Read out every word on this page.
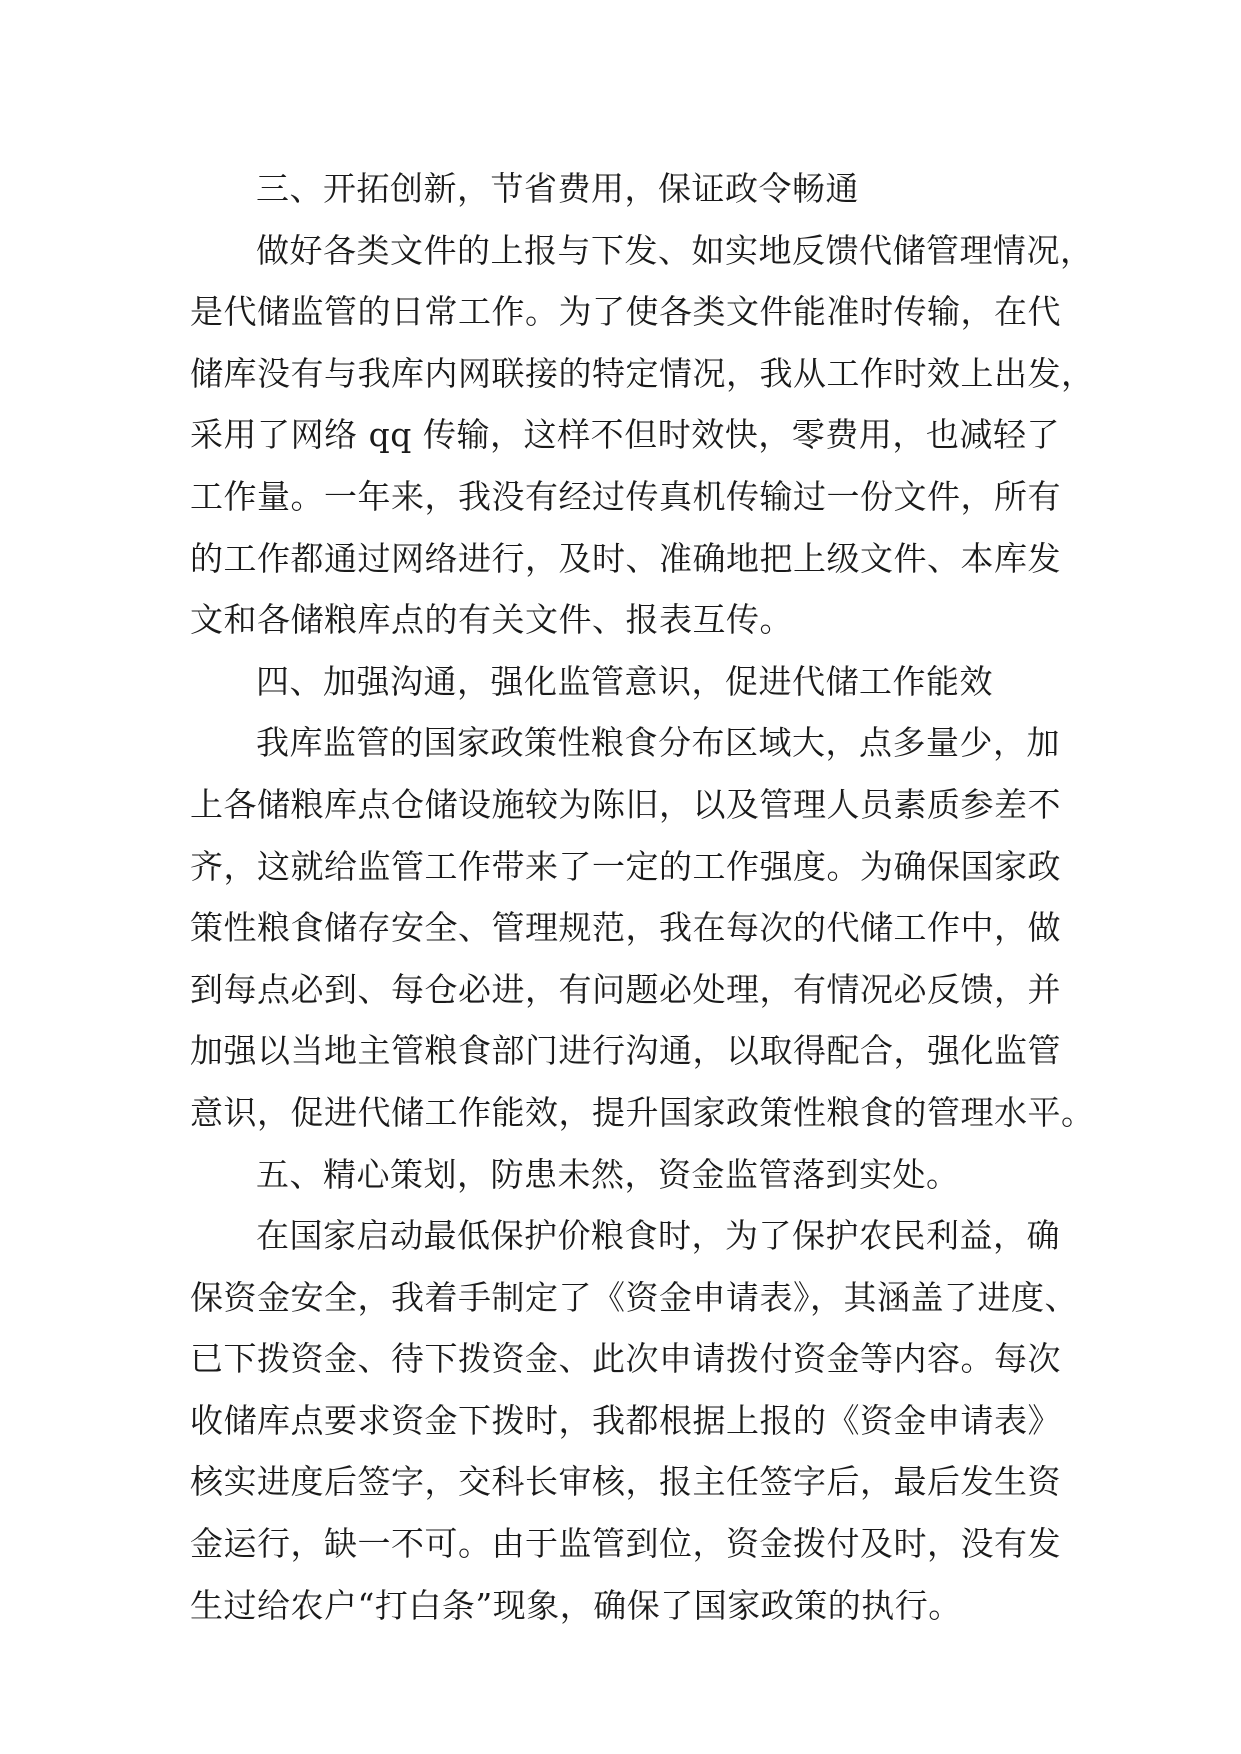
三、开拓创新，节省费用，保证政令畅通
做好各类文件的上报与下发、如实地反馈代储管理情况，
是代储监管的日常工作。为了使各类文件能准时传输，在代
储库没有与我库内网联接的特定情况，我从工作时效上出发，
采用了网络 qq 传输，这样不但时效快，零费用，也减轻了
工作量。一年来，我没有经过传真机传输过一份文件，所有
的工作都通过网络进行，及时、准确地把上级文件、本库发
文和各储粮库点的有关文件、报表互传。
四、加强沟通，强化监管意识，促进代储工作能效
我库监管的国家政策性粮食分布区域大，点多量少，加
上各储粮库点仓储设施较为陈旧，以及管理人员素质参差不
齐，这就给监管工作带来了一定的工作强度。为确保国家政
策性粮食储存安全、管理规范，我在每次的代储工作中，做
到每点必到、每仓必进，有问题必处理，有情况必反馈，并
加强以当地主管粮食部门进行沟通，以取得配合，强化监管
意识，促进代储工作能效，提升国家政策性粮食的管理水平。
五、精心策划，防患未然，资金监管落到实处。
在国家启动最低保护价粮食时，为了保护农民利益，确
保资金安全，我着手制定了《资金申请表》，其涵盖了进度、
已下拨资金、待下拨资金、此次申请拨付资金等内容。每次
收储库点要求资金下拨时，我都根据上报的《资金申请表》
核实进度后签字，交科长审核，报主任签字后，最后发生资
金运行，缺一不可。由于监管到位，资金拨付及时，没有发
生过给农户“打白条”现象，确保了国家政策的执行。
